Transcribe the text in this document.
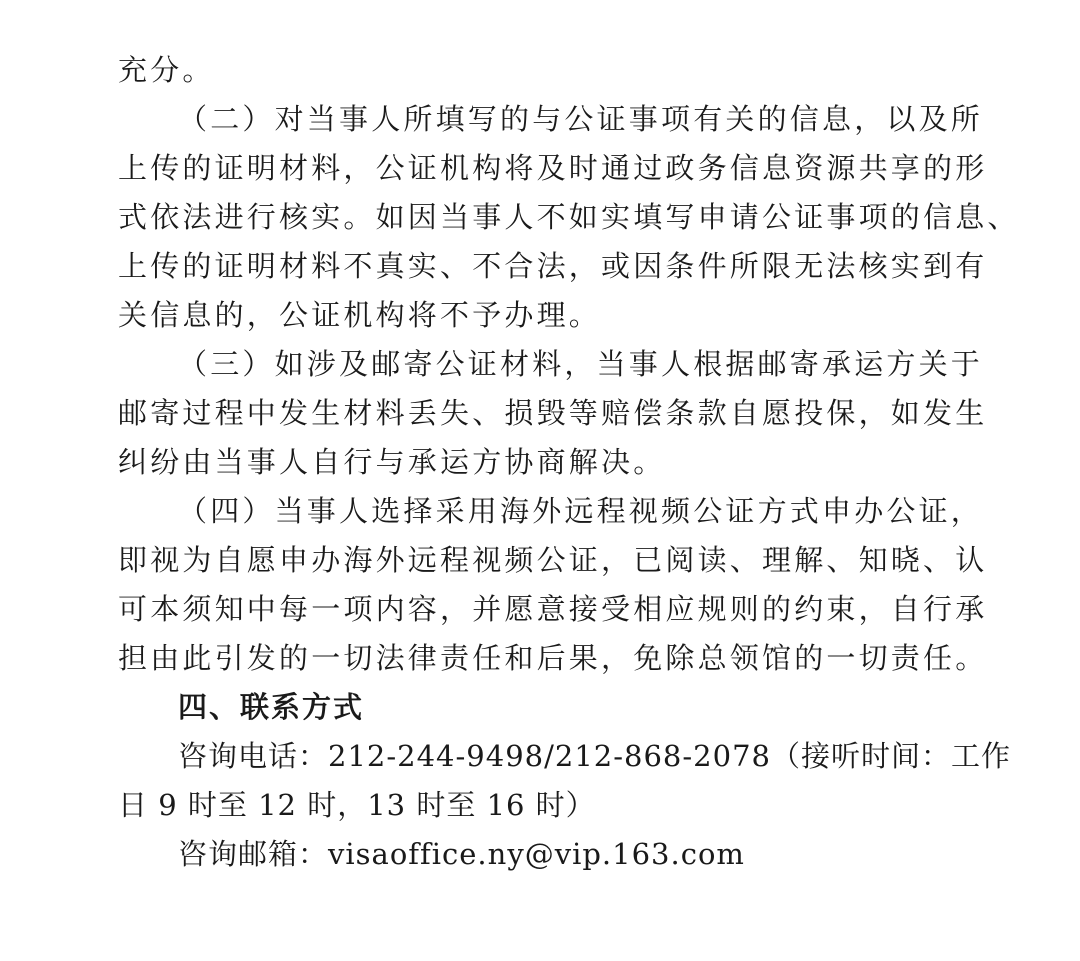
充分。
（二）对当事人所填写的与公证事项有关的信息，以及所
上传的证明材料，公证机构将及时通过政务信息资源共享的形
式依法进行核实。如因当事人不如实填写申请公证事项的信息、
上传的证明材料不真实、不合法，或因条件所限无法核实到有
关信息的，公证机构将不予办理。
（三）如涉及邮寄公证材料，当事人根据邮寄承运方关于
邮寄过程中发生材料丢失、损毁等赔偿条款自愿投保，如发生
纠纷由当事人自行与承运方协商解决。
（四）当事人选择采用海外远程视频公证方式申办公证，
即视为自愿申办海外远程视频公证，已阅读、理解、知晓、认
可本须知中每一项内容，并愿意接受相应规则的约束，自行承
担由此引发的一切法律责任和后果，免除总领馆的一切责任。
四、联系方式
咨询电话：212-244-9498/212-868-2078（接听时间：工作
日 9 时至 12 时，13 时至 16 时）
咨询邮箱：visaoffice.ny@vip.163.com
